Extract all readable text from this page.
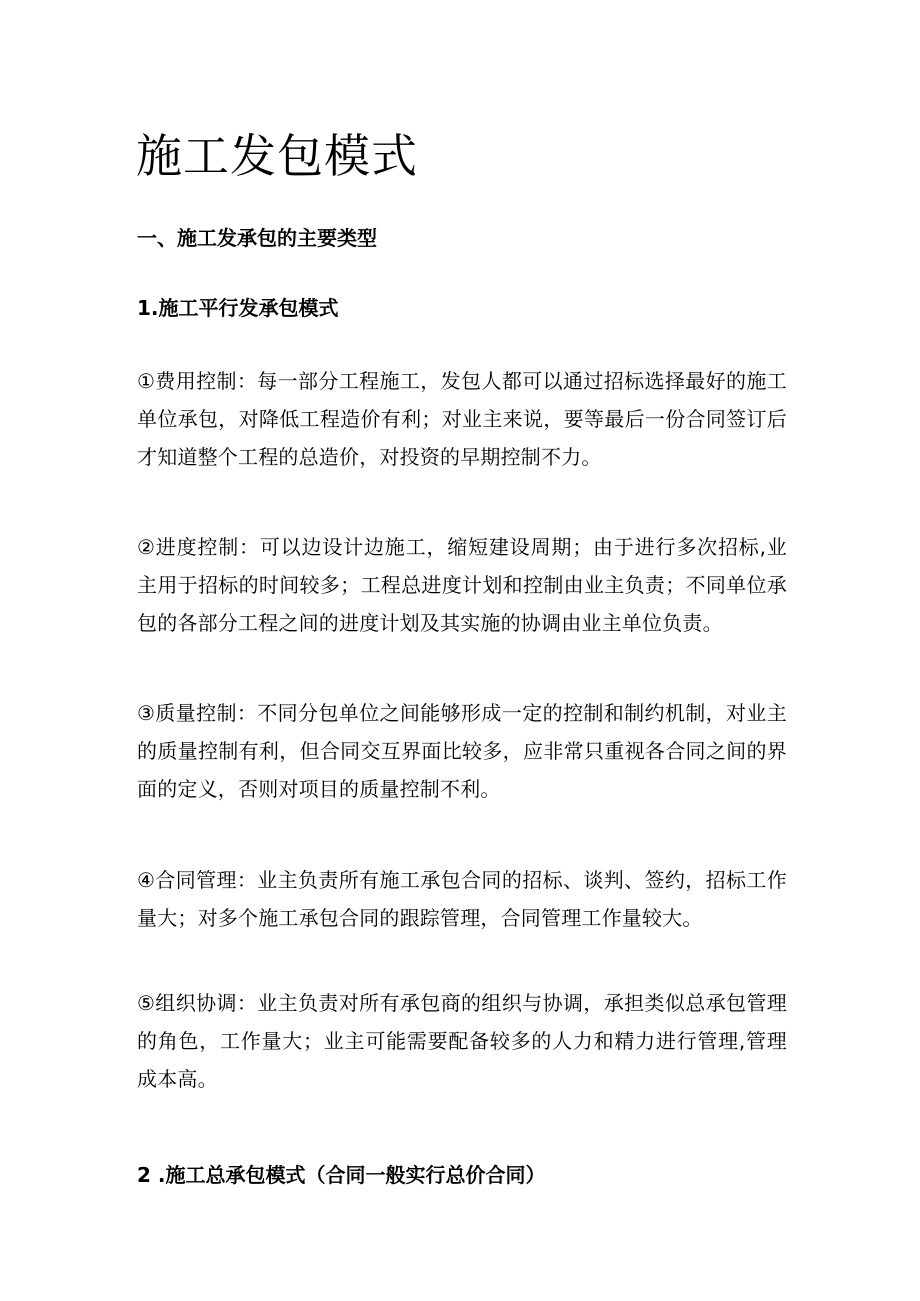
施工发包模式
一、施工发承包的主要类型
1.施工平行发承包模式

①费用控制：每一部分工程施工，发包人都可以通过招标选择最好的施工单位承包，对降低工程造价有利；对业主来说，要等最后一份合同签订后才知道整个工程的总造价，对投资的早期控制不力。

②进度控制：可以边设计边施工，缩短建设周期；由于进行多次招标,业主用于招标的时间较多；工程总进度计划和控制由业主负责；不同单位承包的各部分工程之间的进度计划及其实施的协调由业主单位负责。

③质量控制：不同分包单位之间能够形成一定的控制和制约机制，对业主的质量控制有利，但合同交互界面比较多，应非常只重视各合同之间的界面的定义，否则对项目的质量控制不利。

④合同管理：业主负责所有施工承包合同的招标、谈判、签约，招标工作量大；对多个施工承包合同的跟踪管理，合同管理工作量较大。

⑤组织协调：业主负责对所有承包商的组织与协调，承担类似总承包管理的角色，工作量大；业主可能需要配备较多的人力和精力进行管理,管理成本高。

2 .施工总承包模式（合同一般实行总价合同）
